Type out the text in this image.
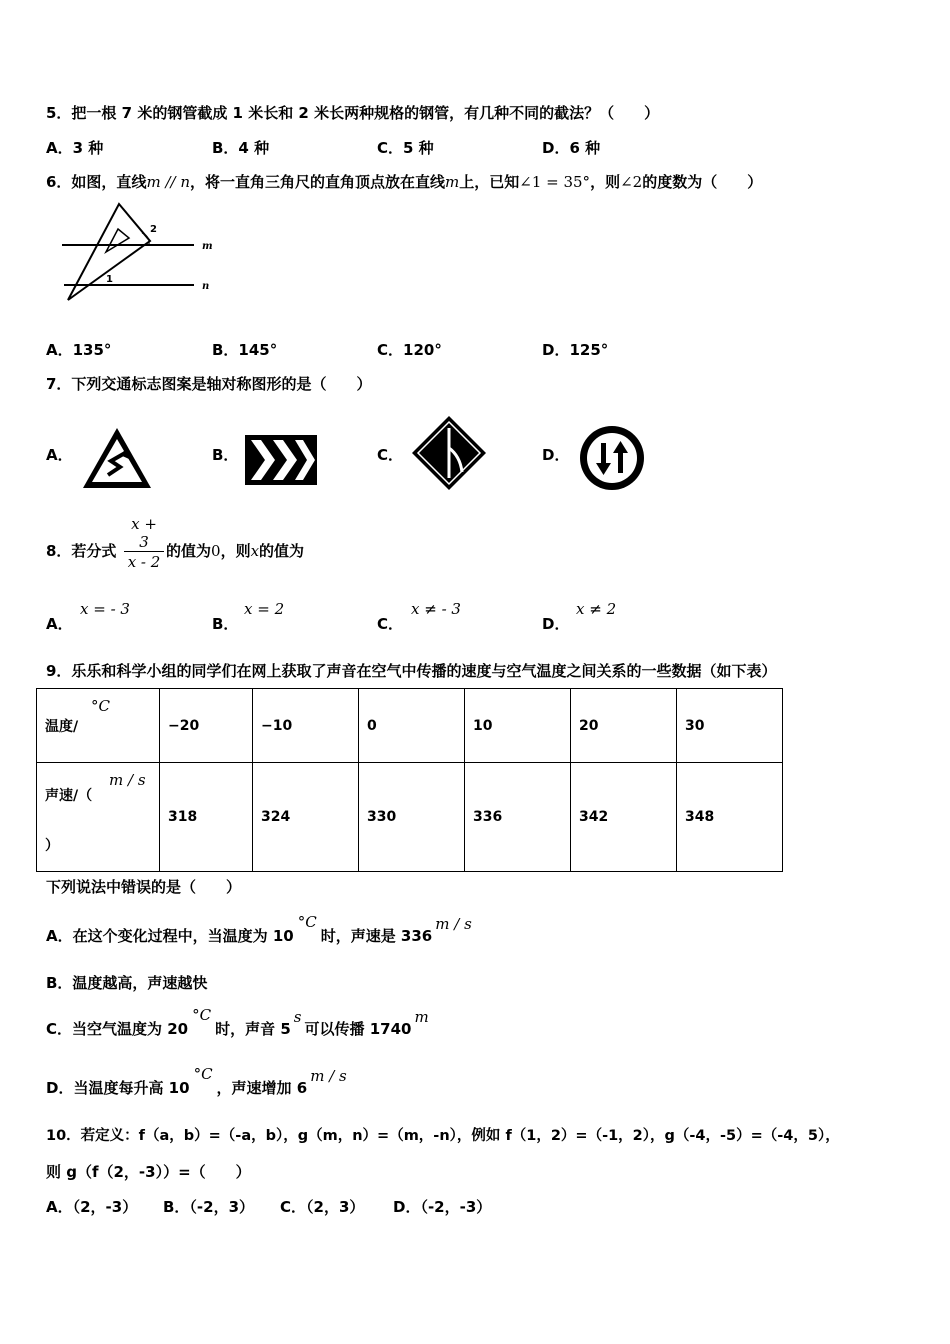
5．把一根 7 米的钢管截成 1 米长和 2 米长两种规格的钢管，有几种不同的截法？（　　）
A．3 种	B．4 种	C．5 种	D．6 种
6．如图，直线m // n，将一直角三角尺的直角顶点放在直线m上，已知∠1 = 35°，则∠2的度数为（　　）
m
n
2
1
A．135°	B．145°	C．120°	D．125°
7．下列交通标志图案是轴对称图形的是（　　）
A．	B．	C．	D．
8．若分式 $\frac{x + 3}{x - 2}$ 的值为0，则x的值为
A．
x = - 3
B．
x = 2
C．
x ≠ - 3
D．
x ≠ 2
9．乐乐和科学小组的同学们在网上获取了声音在空气中传播的速度与空气温度之间关系的一些数据（如下表）
温度/
°C	−20	−10	0	10	20	30

声速/（
m / s
）	318	324	330	336	342	348
下列说法中错误的是（　　）
A．在这个变化过程中，当温度为 10°C时，声速是 336m / s
B．温度越高，声速越快
C．当空气温度为 20°C时，声音 5s可以传播 1740m
D．当温度每升高 10°C，声速增加 6m / s
10．若定义：f（a，b）=（-a，b），g（m，n）=（m，-n），例如 f（1，2）=（-1，2），g（-4，-5）=（-4，5），
则 g（f（2，-3））=（　　）
A．（2，-3） B．（-2，3） C．（2，3） D．（-2，-3）
